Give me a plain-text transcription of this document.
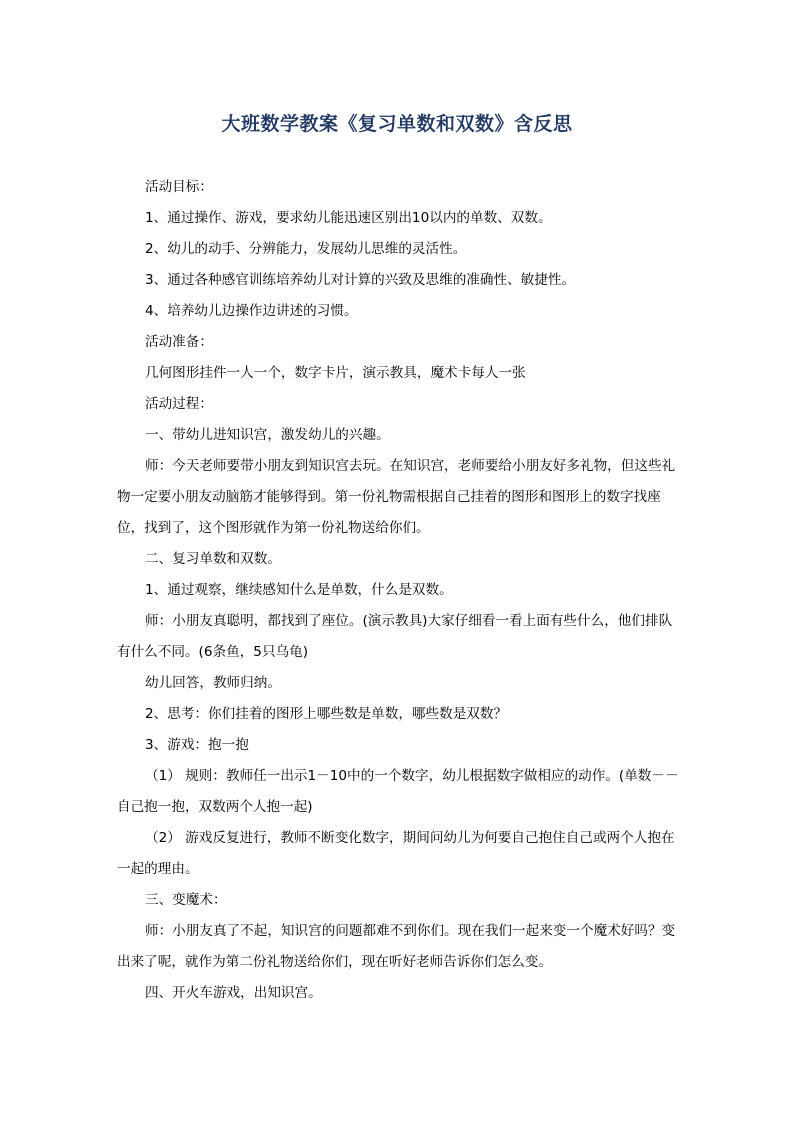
大班数学教案《复习单数和双数》含反思

活动目标：

1、通过操作、游戏，要求幼儿能迅速区别出10以内的单数、双数。

2、幼儿的动手、分辨能力，发展幼儿思维的灵活性。

3、通过各种感官训练培养幼儿对计算的兴致及思维的准确性、敏捷性。

4、培养幼儿边操作边讲述的习惯。

活动准备：

几何图形挂件一人一个，数字卡片，演示教具，魔术卡每人一张

活动过程：

一、带幼儿进知识宫，激发幼儿的兴趣。

师：今天老师要带小朋友到知识宫去玩。在知识宫，老师要给小朋友好多礼物，但这些礼物一定要小朋友动脑筋才能够得到。第一份礼物需根据自己挂着的图形和图形上的数字找座位，找到了，这个图形就作为第一份礼物送给你们。

二、复习单数和双数。

1、通过观察，继续感知什么是单数，什么是双数。

师：小朋友真聪明，都找到了座位。(演示教具)大家仔细看一看上面有些什么，他们排队有什么不同。(6条鱼，5只乌龟)

幼儿回答，教师归纳。

2、思考：你们挂着的图形上哪些数是单数，哪些数是双数？

3、游戏：抱一抱

（1） 规则：教师任一出示1－10中的一个数字，幼儿根据数字做相应的动作。(单数－－自己抱一抱，双数两个人抱一起)

（2） 游戏反复进行，教师不断变化数字，期间问幼儿为何要自己抱住自己或两个人抱在一起的理由。

三、变魔术：

师：小朋友真了不起，知识宫的问题都难不到你们。现在我们一起来变一个魔术好吗？变出来了呢，就作为第二份礼物送给你们，现在听好老师告诉你们怎么变。

四、开火车游戏，出知识宫。
